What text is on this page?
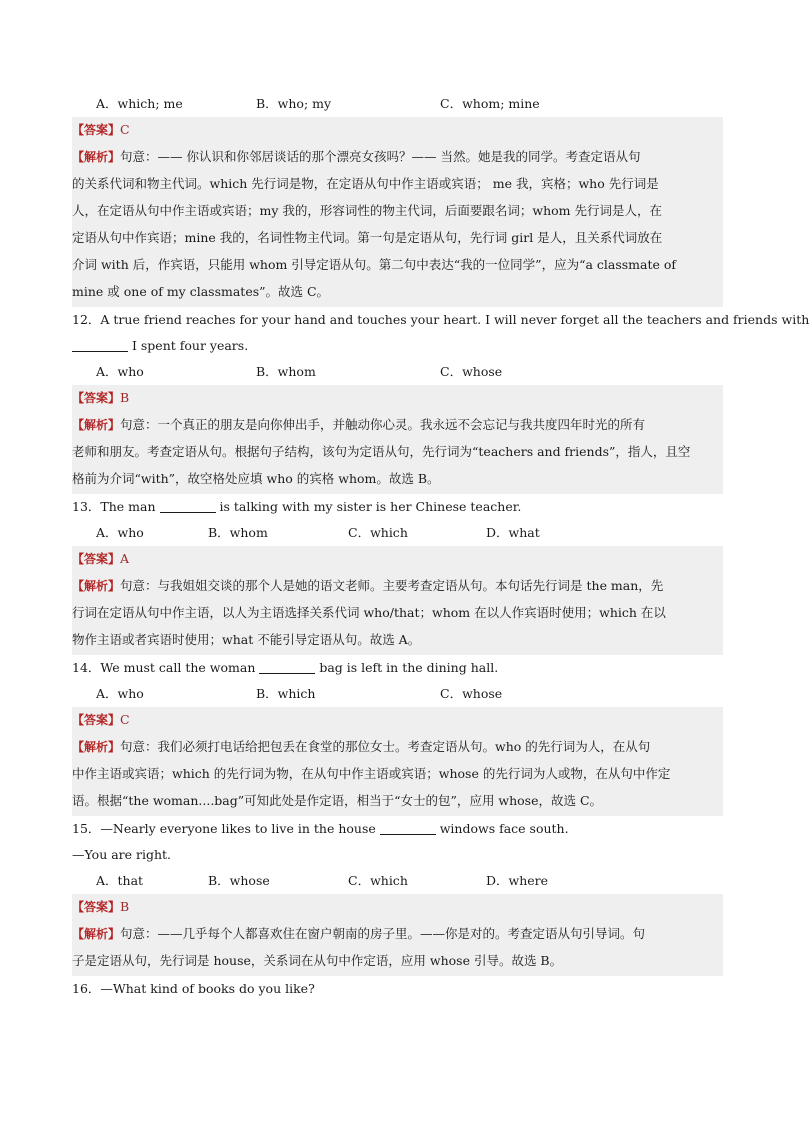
A．which; me	B．who; my	C．whom; mine
【答案】C
【解析】句意：—— 你认识和你邻居谈话的那个漂亮女孩吗？—— 当然。她是我的同学。考查定语从句
的关系代词和物主代词。which 先行词是物，在定语从句中作主语或宾语； me 我，宾格；who 先行词是
人，在定语从句中作主语或宾语；my 我的，形容词性的物主代词，后面要跟名词；whom 先行词是人，在
定语从句中作宾语；mine 我的，名词性物主代词。第一句是定语从句，先行词 girl 是人，且关系代词放在
介词 with 后，作宾语，只能用 whom 引导定语从句。第二句中表达“我的一位同学”，应为“a classmate of
mine 或 one of my classmates”。故选 C。
12．A true friend reaches for your hand and touches your heart. I will never forget all the teachers and friends with
I spent four years.
A．who	B．whom	C．whose
【答案】B
【解析】句意：一个真正的朋友是向你伸出手，并触动你心灵。我永远不会忘记与我共度四年时光的所有
老师和朋友。考查定语从句。根据句子结构，该句为定语从句，先行词为“teachers and friends”，指人，且空
格前为介词“with”，故空格处应填 who 的宾格 whom。故选 B。
13．The man	is talking with my sister is her Chinese teacher.
A．who	B．whom	C．which	D．what
【答案】A
【解析】句意：与我姐姐交谈的那个人是她的语文老师。主要考查定语从句。本句话先行词是 the man，先
行词在定语从句中作主语，以人为主语选择关系代词 who/that；whom 在以人作宾语时使用；which 在以
物作主语或者宾语时使用；what 不能引导定语从句。故选 A。
14．We must call the woman	bag is left in the dining hall.
A．who	B．which	C．whose
【答案】C
【解析】句意：我们必须打电话给把包丢在食堂的那位女士。考查定语从句。who 的先行词为人，在从句
中作主语或宾语；which 的先行词为物，在从句中作主语或宾语；whose 的先行词为人或物，在从句中作定
语。根据“the woman....bag”可知此处是作定语，相当于“女士的包”，应用 whose，故选 C。
15．—Nearly everyone likes to live in the house	windows face south.
—You are right.
A．that	B．whose	C．which	D．where
【答案】B
【解析】句意：——几乎每个人都喜欢住在窗户朝南的房子里。——你是对的。考查定语从句引导词。句
子是定语从句，先行词是 house，关系词在从句中作定语，应用 whose 引导。故选 B。
16．—What kind of books do you like?
